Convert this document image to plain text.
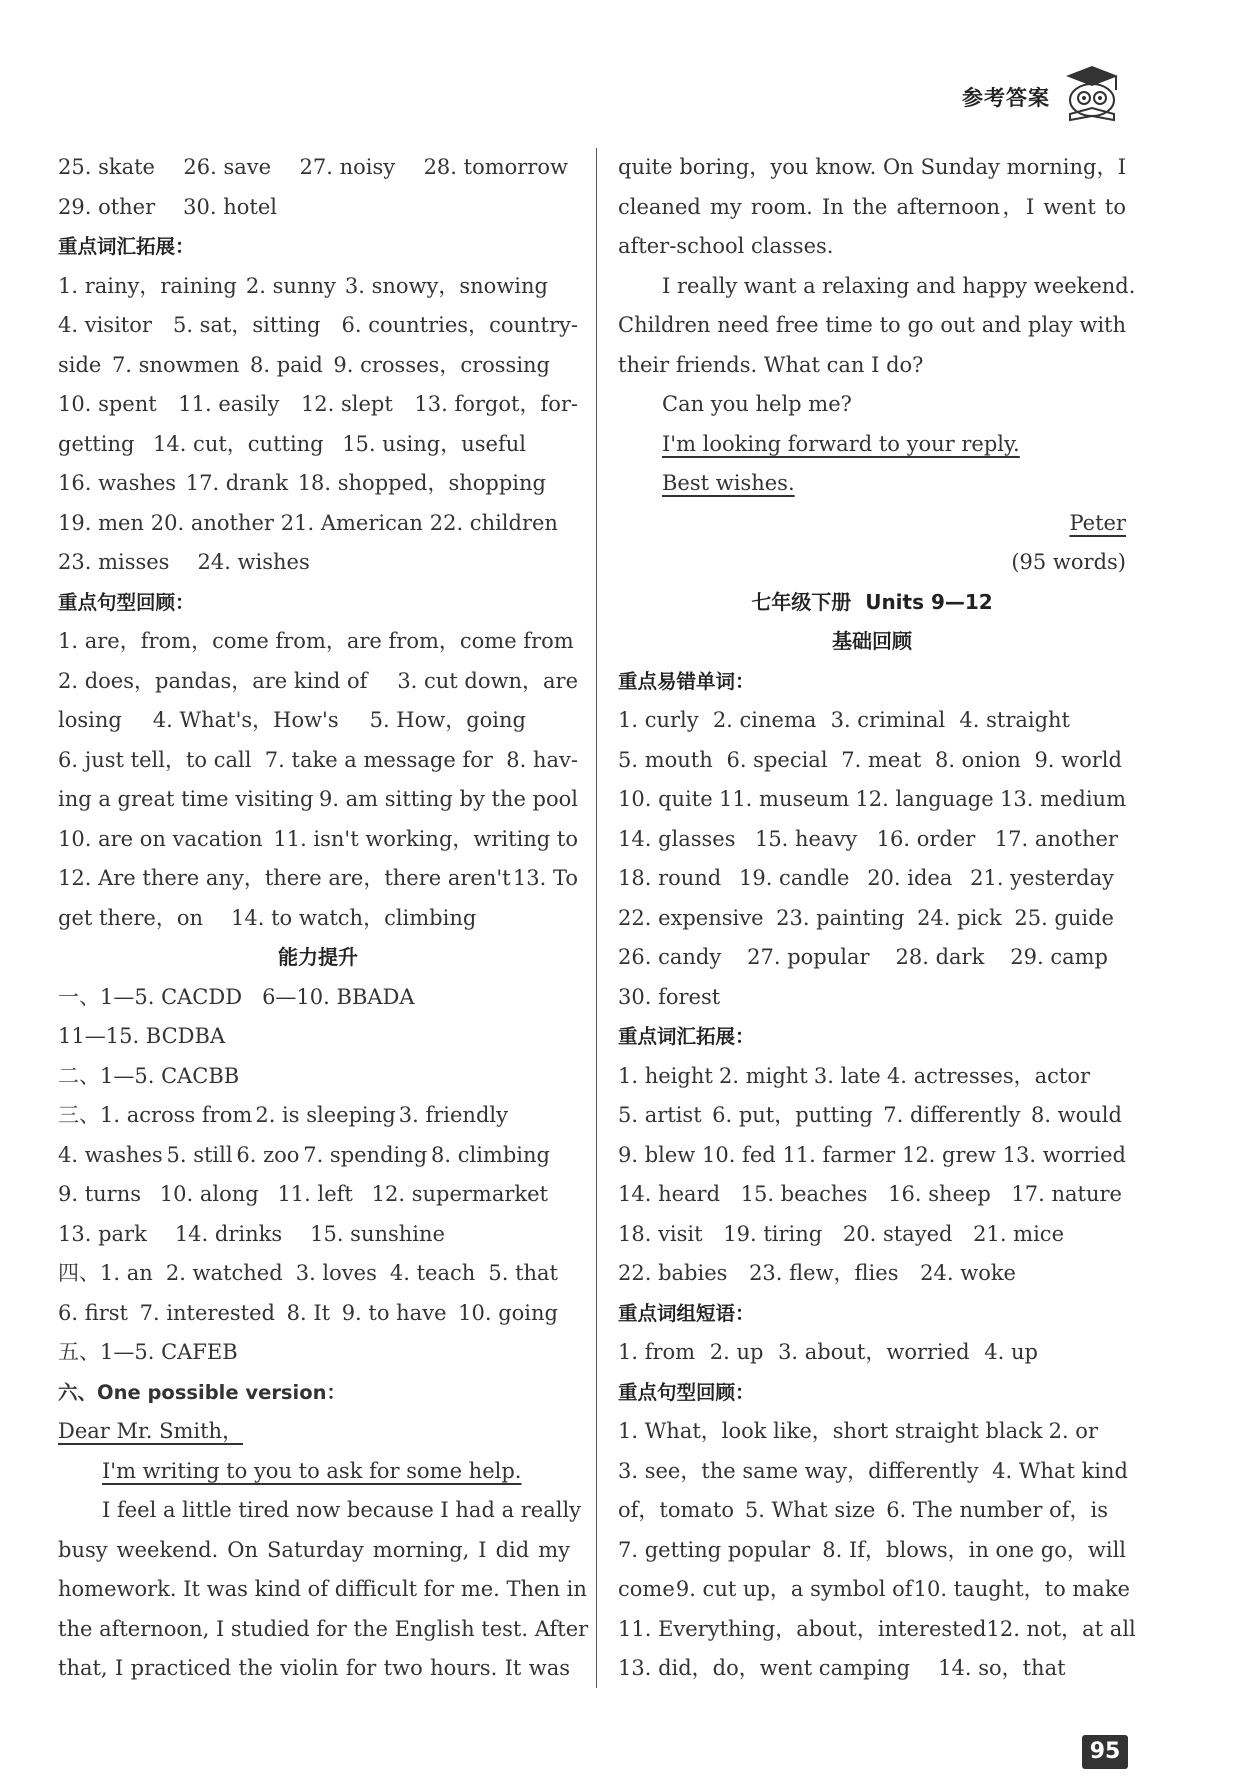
参考答案
25. skate 26. save 27. noisy 28. tomorrow
29. other 30. hotel
重点词汇拓展：
1. rainy，raining 2. sunny 3. snowy，snowing
4. visitor 5. sat，sitting 6. countries，country-
side 7. snowmen 8. paid 9. crosses，crossing
10. spent 11. easily 12. slept 13. forgot，for-
getting 14. cut，cutting 15. using，useful
16. washes 17. drank 18. shopped，shopping
19. men 20. another 21. American 22. children
23. misses 24. wishes
重点句型回顾：
1. are，from，come from，are from，come from
2. does，pandas，are kind of 3. cut down，are
losing 4. What's，How's 5. How，going
6. just tell，to call 7. take a message for 8. hav-
ing a great time visiting 9. am sitting by the pool
10. are on vacation 11. isn't working，writing to
12. Are there any，there are，there aren't 13. To
get there，on 14. to watch，climbing
能力提升
一、1—5. CACDD   6—10. BBADA
11—15. BCDBA
二、1—5. CACBB
三、1. across from 2. is sleeping 3. friendly
4. washes 5. still 6. zoo 7. spending 8. climbing
9. turns 10. along 11. left 12. supermarket
13. park 14. drinks 15. sunshine
四、1. an 2. watched 3. loves 4. teach 5. that
6. first 7. interested 8. It 9. to have 10. going
五、1—5. CAFEB
六、One possible version：
Dear Mr. Smith，
I'm writing to you to ask for some help.
I feel a little tired now because I had a really
busy weekend. On Saturday morning, I did my
homework. It was kind of difficult for me. Then in
the afternoon, I studied for the English test. After
that, I practiced the violin for two hours. It was
quite boring，you know. On Sunday morning，I
cleaned my room. In the afternoon，I went to
after-school classes.
I really want a relaxing and happy weekend.
Children need free time to go out and play with
their friends. What can I do?
Can you help me?
I'm looking forward to your reply.
Best wishes.
Peter
(95 words)
七年级下册 Units 9—12
基础回顾
重点易错单词：
1. curly 2. cinema 3. criminal 4. straight
5. mouth 6. special 7. meat 8. onion 9. world
10. quite 11. museum 12. language 13. medium
14. glasses 15. heavy 16. order 17. another
18. round 19. candle 20. idea 21. yesterday
22. expensive 23. painting 24. pick 25. guide
26. candy 27. popular 28. dark 29. camp
30. forest
重点词汇拓展：
1. height 2. might 3. late 4. actresses，actor
5. artist 6. put，putting 7. differently 8. would
9. blew 10. fed 11. farmer 12. grew 13. worried
14. heard 15. beaches 16. sheep 17. nature
18. visit 19. tiring 20. stayed 21. mice
22. babies 23. flew，flies 24. woke
重点词组短语：
1. from 2. up 3. about，worried 4. up
重点句型回顾：
1. What，look like，short straight black 2. or
3. see，the same way，differently 4. What kind
of，tomato 5. What size 6. The number of，is
7. getting popular 8. If，blows，in one go，will
come 9. cut up，a symbol of 10. taught，to make
11. Everything，about，interested 12. not，at all
13. did，do，went camping 14. so，that
95
